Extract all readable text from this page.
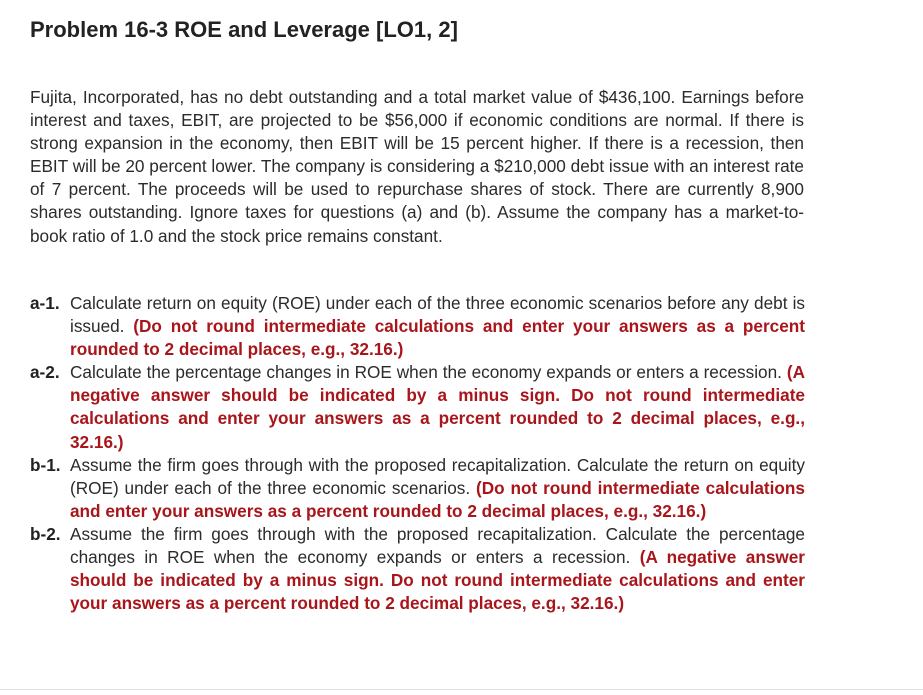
Problem 16-3 ROE and Leverage [LO1, 2]

Fujita, Incorporated, has no debt outstanding and a total market value of $436,100. Earnings before interest and taxes, EBIT, are projected to be $56,000 if economic conditions are normal. If there is strong expansion in the economy, then EBIT will be 15 percent higher. If there is a recession, then EBIT will be 20 percent lower. The company is considering a $210,000 debt issue with an interest rate of 7 percent. The proceeds will be used to repurchase shares of stock. There are currently 8,900 shares outstanding. Ignore taxes for questions (a) and (b). Assume the company has a market-to-book ratio of 1.0 and the stock price remains constant.

a-1. Calculate return on equity (ROE) under each of the three economic scenarios before any debt is issued. (Do not round intermediate calculations and enter your answers as a percent rounded to 2 decimal places, e.g., 32.16.)
a-2. Calculate the percentage changes in ROE when the economy expands or enters a recession. (A negative answer should be indicated by a minus sign. Do not round intermediate calculations and enter your answers as a percent rounded to 2 decimal places, e.g., 32.16.)
b-1. Assume the firm goes through with the proposed recapitalization. Calculate the return on equity (ROE) under each of the three economic scenarios. (Do not round intermediate calculations and enter your answers as a percent rounded to 2 decimal places, e.g., 32.16.)
b-2. Assume the firm goes through with the proposed recapitalization. Calculate the percentage changes in ROE when the economy expands or enters a recession. (A negative answer should be indicated by a minus sign. Do not round intermediate calculations and enter your answers as a percent rounded to 2 decimal places, e.g., 32.16.)
